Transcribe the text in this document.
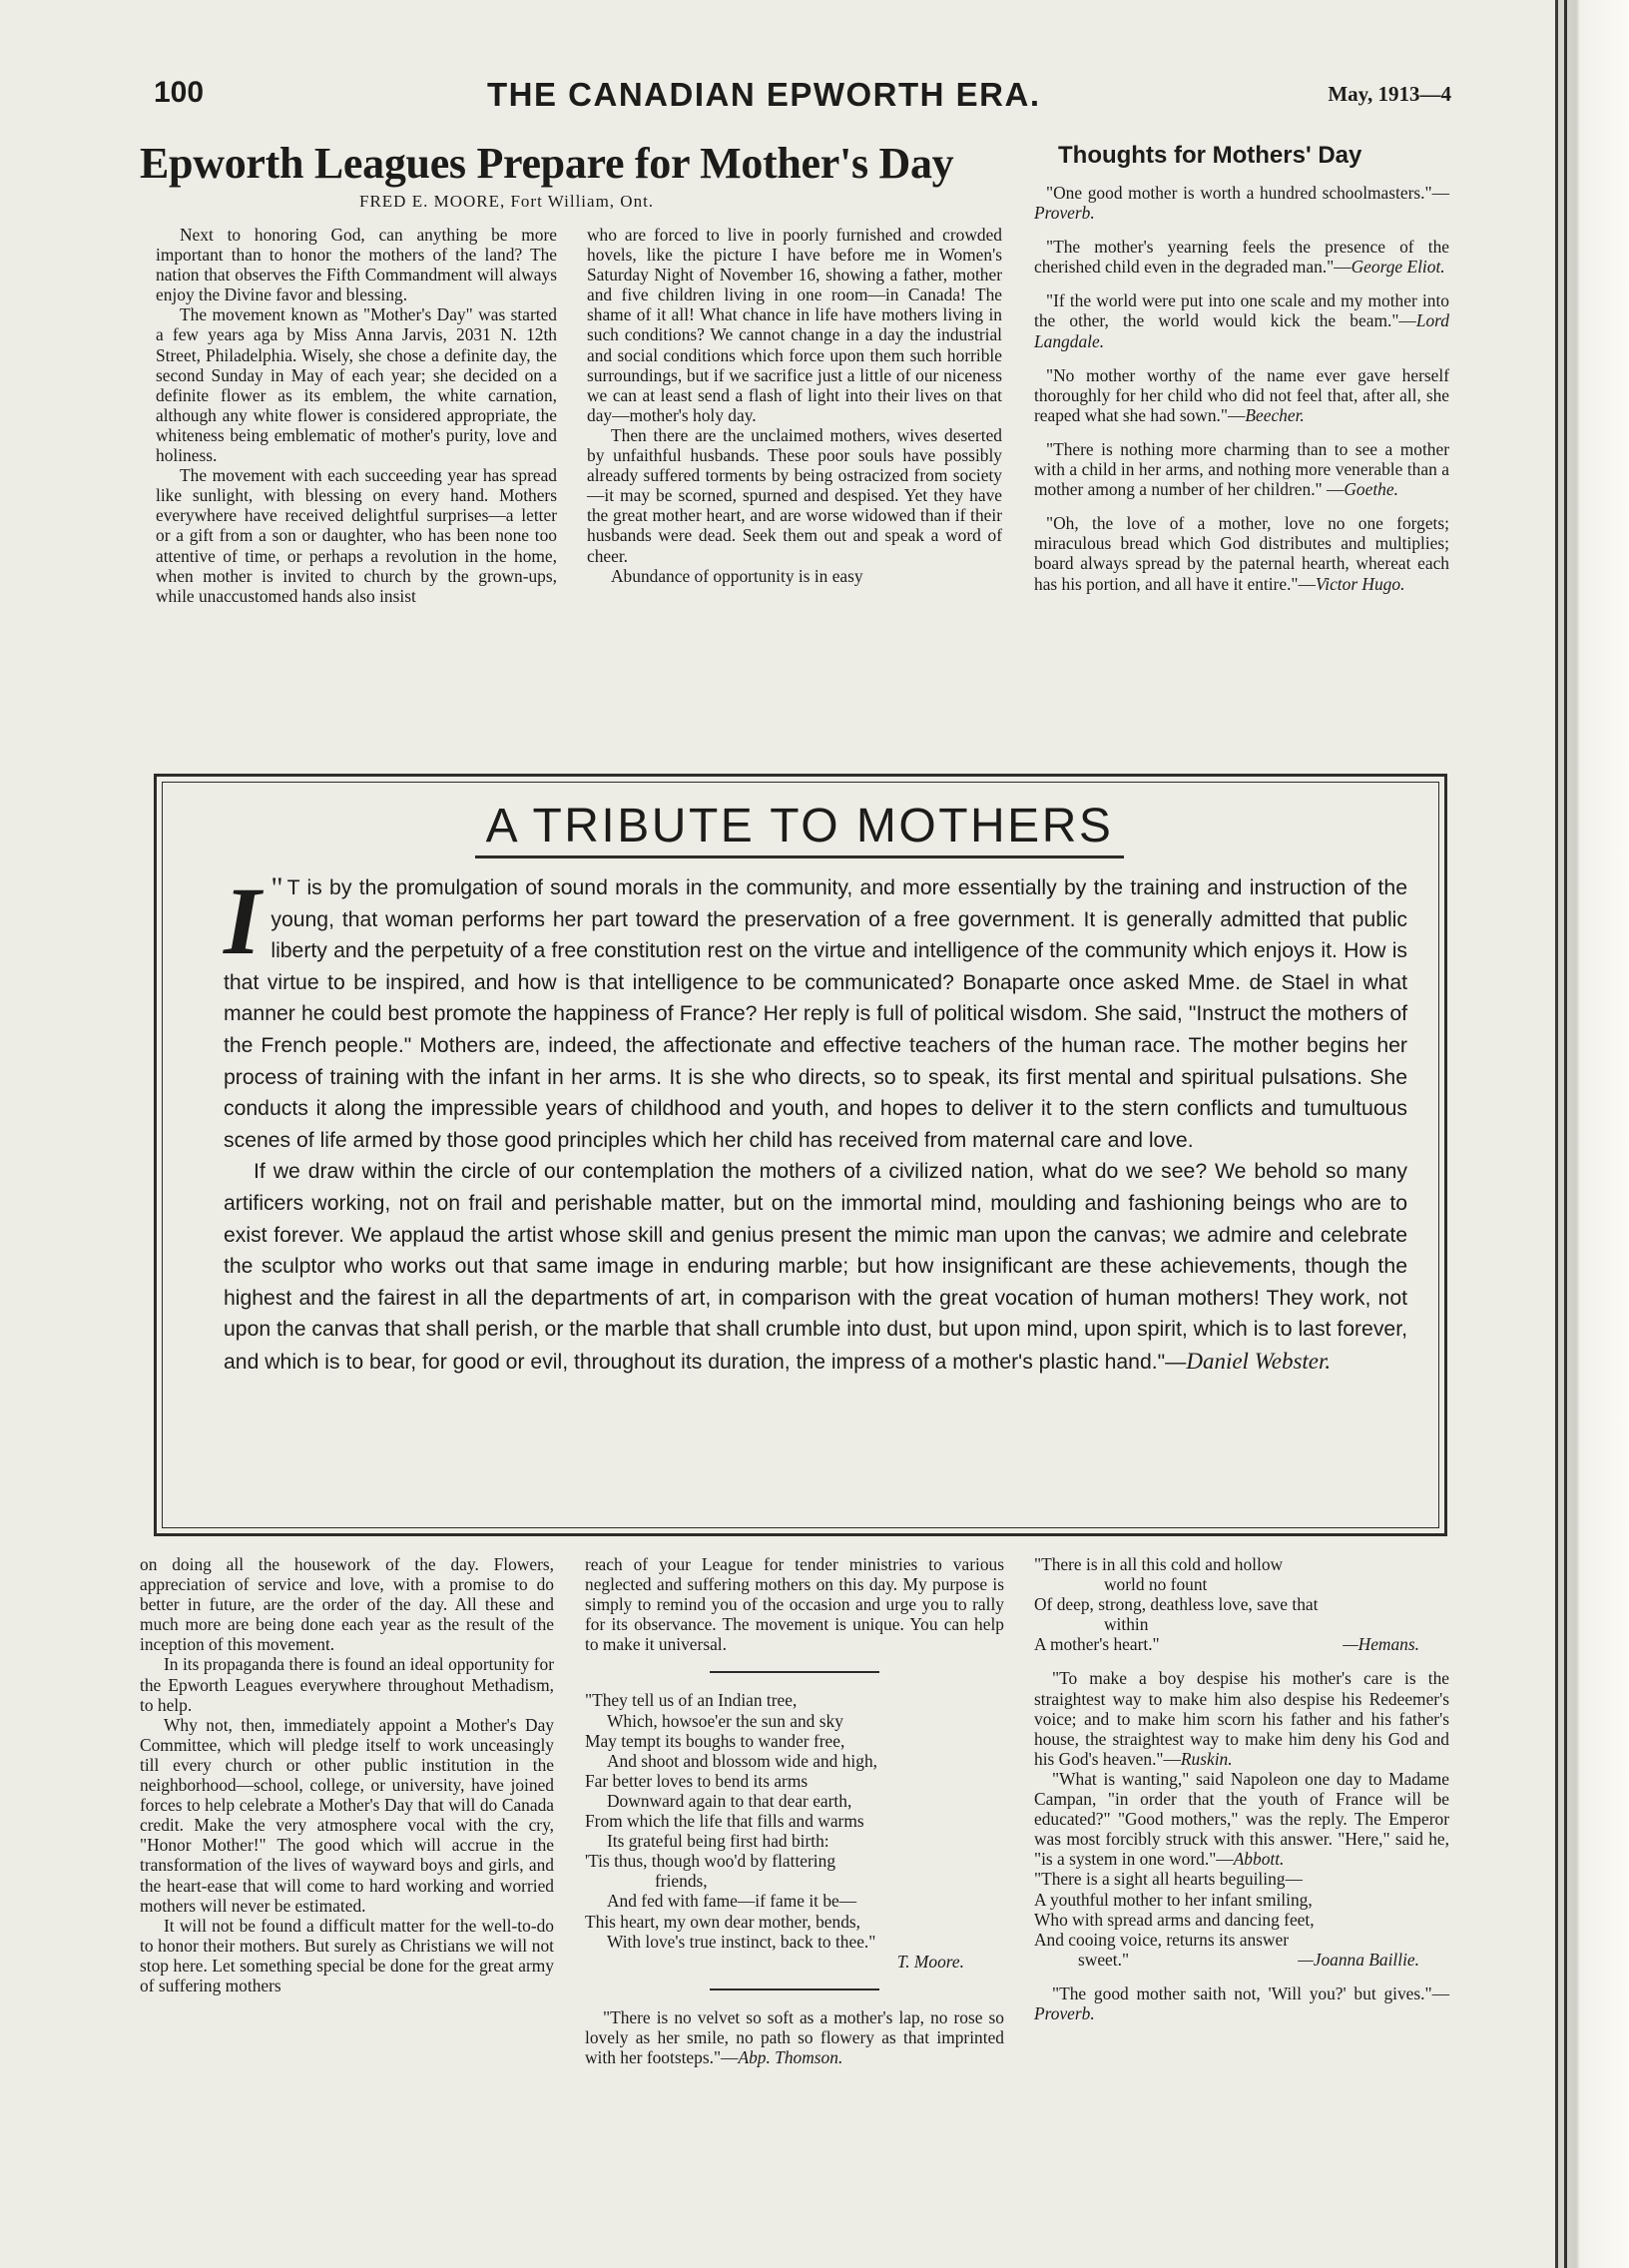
100	THE CANADIAN EPWORTH ERA.	May, 1913—4
Epworth Leagues Prepare for Mother's Day
FRED E. MOORE, Fort William, Ont.

Next to honoring God, can anything be more important than to honor the mothers of the land? The nation that observes the Fifth Commandment will always enjoy the Divine favor and blessing.

The movement known as "Mother's Day" was started a few years aga by Miss Anna Jarvis, 2031 N. 12th Street, Philadelphia. Wisely, she chose a definite day, the second Sunday in May of each year; she decided on a definite flower as its emblem, the white carnation, although any white flower is considered appropriate, the whiteness being emblematic of mother's purity, love and holiness.

The movement with each succeeding year has spread like sunlight, with blessing on every hand. Mothers everywhere have received delightful surprises—a letter or a gift from a son or daughter, who has been none too attentive of time, or perhaps a revolution in the home, when mother is invited to church by the grown-ups, while unaccustomed hands also insist

who are forced to live in poorly furnished and crowded hovels, like the picture I have before me in Women's Saturday Night of November 16, showing a father, mother and five children living in one room—in Canada! The shame of it all! What chance in life have mothers living in such conditions? We cannot change in a day the industrial and social conditions which force upon them such horrible surroundings, but if we sacrifice just a little of our niceness we can at least send a flash of light into their lives on that day—mother's holy day.

Then there are the unclaimed mothers, wives deserted by unfaithful husbands. These poor souls have possibly already suffered torments by being ostracized from society—it may be scorned, spurned and despised. Yet they have the great mother heart, and are worse widowed than if their husbands were dead. Seek them out and speak a word of cheer.

Abundance of opportunity is in easy

Thoughts for Mothers' Day

"One good mother is worth a hundred schoolmasters."—Proverb.

"The mother's yearning feels the presence of the cherished child even in the degraded man."—George Eliot.

"If the world were put into one scale and my mother into the other, the world would kick the beam."—Lord Langdale.

"No mother worthy of the name ever gave herself thoroughly for her child who did not feel that, after all, she reaped what she had sown."—Beecher.

"There is nothing more charming than to see a mother with a child in her arms, and nothing more venerable than a mother among a number of her children." —Goethe.

"Oh, the love of a mother, love no one forgets; miraculous bread which God distributes and multiplies; board always spread by the paternal hearth, whereat each has his portion, and all have it entire."—Victor Hugo.

A TRIBUTE TO MOTHERS

"
I T is by the promulgation of sound morals in the community, and more essentially by the training and instruction of the young, that woman performs her part toward the preservation of a free government. It is generally admitted that public liberty and the perpetuity of a free constitution rest on the virtue and intelligence of the community which enjoys it. How is that virtue to be inspired, and how is that intelligence to be communicated? Bonaparte once asked Mme. de Stael in what manner he could best promote the happiness of France? Her reply is full of political wisdom. She said, "Instruct the mothers of the French people." Mothers are, indeed, the affectionate and effective teachers of the human race. The mother begins her process of training with the infant in her arms. It is she who directs, so to speak, its first mental and spiritual pulsations. She conducts it along the impressible years of childhood and youth, and hopes to deliver it to the stern conflicts and tumultuous scenes of life armed by those good principles which her child has received from maternal care and love.

If we draw within the circle of our contemplation the mothers of a civilized nation, what do we see? We behold so many artificers working, not on frail and perishable matter, but on the immortal mind, moulding and fashioning beings who are to exist forever. We applaud the artist whose skill and genius present the mimic man upon the canvas; we admire and celebrate the sculptor who works out that same image in enduring marble; but how insignificant are these achievements, though the highest and the fairest in all the departments of art, in comparison with the great vocation of human mothers! They work, not upon the canvas that shall perish, or the marble that shall crumble into dust, but upon mind, upon spirit, which is to last forever, and which is to bear, for good or evil, throughout its duration, the impress of a mother's plastic hand."—Daniel Webster.

on doing all the housework of the day. Flowers, appreciation of service and love, with a promise to do better in future, are the order of the day. All these and much more are being done each year as the result of the inception of this movement.

In its propaganda there is found an ideal opportunity for the Epworth Leagues everywhere throughout Methadism, to help.

Why not, then, immediately appoint a Mother's Day Committee, which will pledge itself to work unceasingly till every church or other public institution in the neighborhood—school, college, or university, have joined forces to help celebrate a Mother's Day that will do Canada credit. Make the very atmosphere vocal with the cry, "Honor Mother!" The good which will accrue in the transformation of the lives of wayward boys and girls, and the heart-ease that will come to hard working and worried mothers will never be estimated.

It will not be found a difficult matter for the well-to-do to honor their mothers. But surely as Christians we will not stop here. Let something special be done for the great army of suffering mothers

reach of your League for tender ministries to various neglected and suffering mothers on this day. My purpose is simply to remind you of the occasion and urge you to rally for its observance. The movement is unique. You can help to make it universal.

"They tell us of an Indian tree,
Which, howsoe'er the sun and sky
May tempt its boughs to wander free,
And shoot and blossom wide and high,
Far better loves to bend its arms
Downward again to that dear earth,
From which the life that fills and warms
Its grateful being first had birth:
'Tis thus, though woo'd by flattering
friends,
And fed with fame—if fame it be—
This heart, my own dear mother, bends,
With love's true instinct, back to thee."
T. Moore.

"There is no velvet so soft as a mother's lap, no rose so lovely as her smile, no path so flowery as that imprinted with her footsteps."—Abp. Thomson.

"There is in all this cold and hollow
world no fount
Of deep, strong, deathless love, save that
within
A mother's heart."	—Hemans.

"To make a boy despise his mother's care is the straightest way to make him also despise his Redeemer's voice; and to make him scorn his father and his father's house, the straightest way to make him deny his God and his God's heaven."—Ruskin.

"What is wanting," said Napoleon one day to Madame Campan, "in order that the youth of France will be educated?" "Good mothers," was the reply. The Emperor was most forcibly struck with this answer. "Here," said he, "is a system in one word."—Abbott.

"There is a sight all hearts beguiling—
A youthful mother to her infant smiling,
Who with spread arms and dancing feet,
And cooing voice, returns its answer
sweet."	—Joanna Baillie.

"The good mother saith not, 'Will you?' but gives."—Proverb.
